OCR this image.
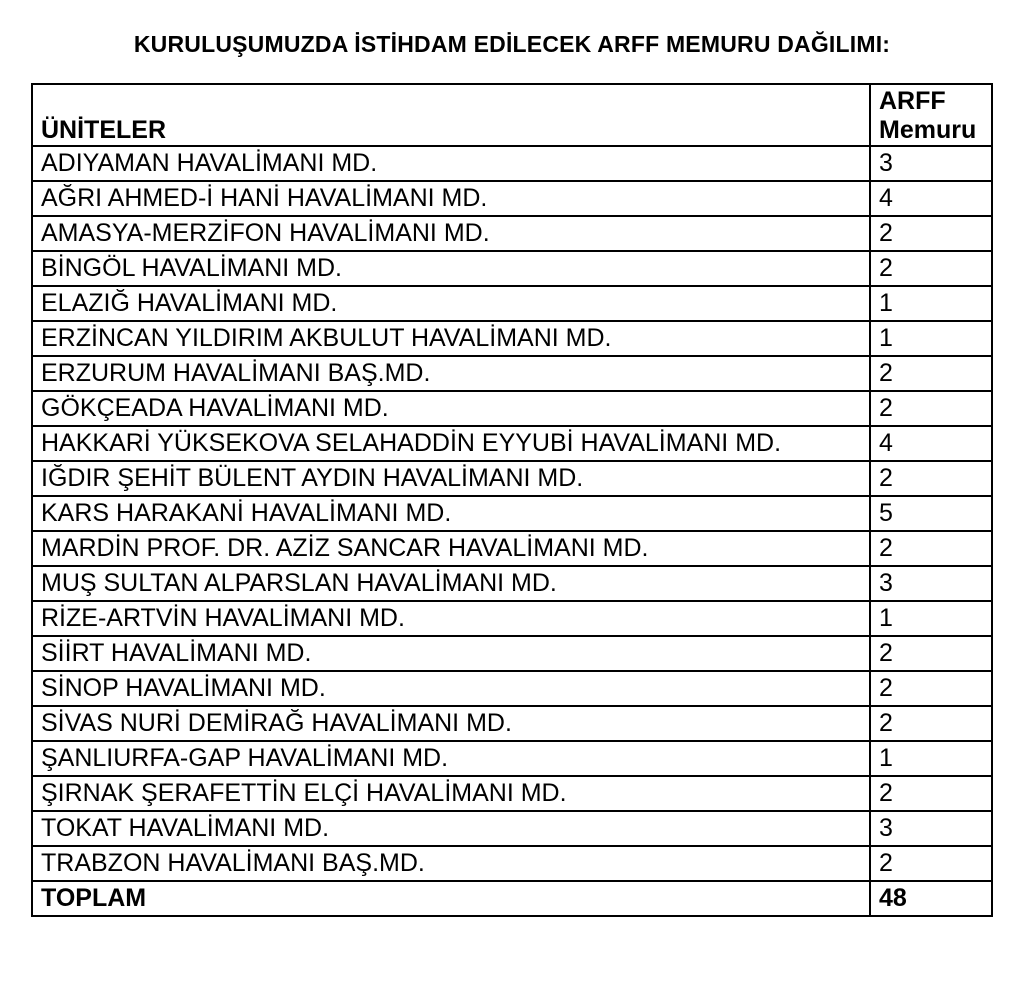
KURULUŞUMUZDA İSTİHDAM EDİLECEK ARFF MEMURU DAĞILIMI:
ÜNİTELER	ARFF Memuru
ADIYAMAN HAVALİMANI MD.	3
AĞRI AHMED-İ HANİ HAVALİMANI MD.	4
AMASYA-MERZİFON HAVALİMANI MD.	2
BİNGÖL HAVALİMANI MD.	2
ELAZIĞ HAVALİMANI MD.	1
ERZİNCAN YILDIRIM AKBULUT HAVALİMANI MD.	1
ERZURUM HAVALİMANI BAŞ.MD.	2
GÖKÇEADA HAVALİMANI MD.	2
HAKKARİ YÜKSEKOVA SELAHADDİN EYYUBİ HAVALİMANI MD.	4
IĞDIR ŞEHİT BÜLENT AYDIN HAVALİMANI MD.	2
KARS HARAKANİ HAVALİMANI MD.	5
MARDİN PROF. DR. AZİZ SANCAR HAVALİMANI MD.	2
MUŞ SULTAN ALPARSLAN HAVALİMANI MD.	3
RİZE-ARTVİN HAVALİMANI MD.	1
SİİRT HAVALİMANI MD.	2
SİNOP HAVALİMANI MD.	2
SİVAS NURİ DEMİRAĞ HAVALİMANI MD.	2
ŞANLIURFA-GAP HAVALİMANI MD.	1
ŞIRNAK ŞERAFETTİN ELÇİ HAVALİMANI MD.	2
TOKAT HAVALİMANI MD.	3
TRABZON HAVALİMANI BAŞ.MD.	2
TOPLAM	48
